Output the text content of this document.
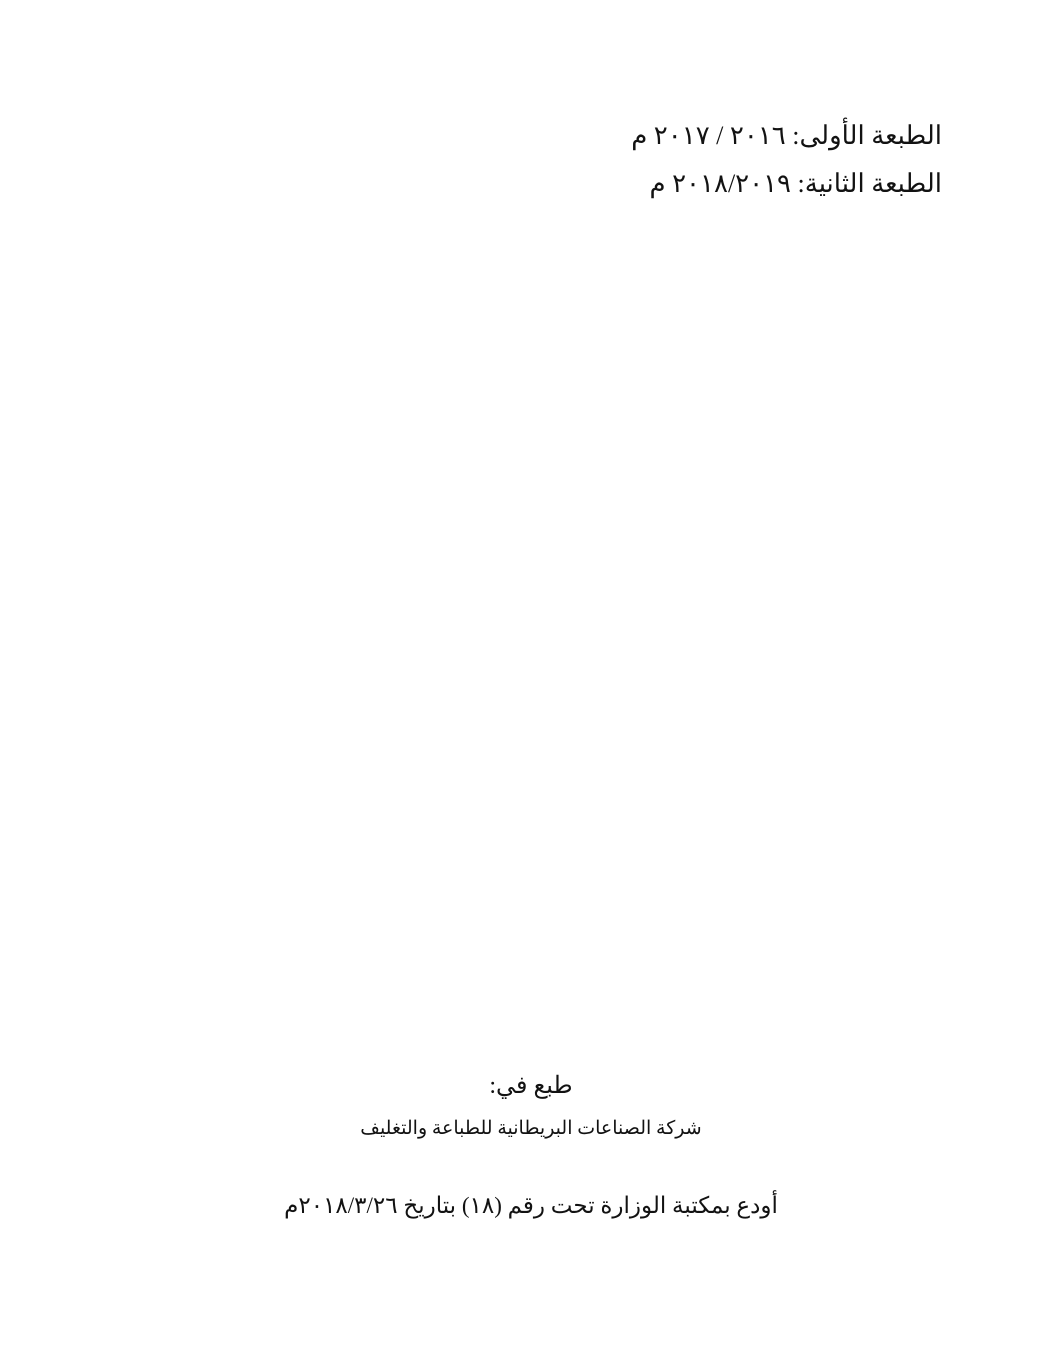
الطبعة الأولى: ٢٠١٦ / ٢٠١٧ م
الطبعة الثانية: ٢٠١٨/٢٠١٩ م
طبع في:
شركة الصناعات البريطانية للطباعة والتغليف
أودع بمكتبة الوزارة تحت رقم (١٨) بتاريخ ٢٠١٨/٣/٢٦م
